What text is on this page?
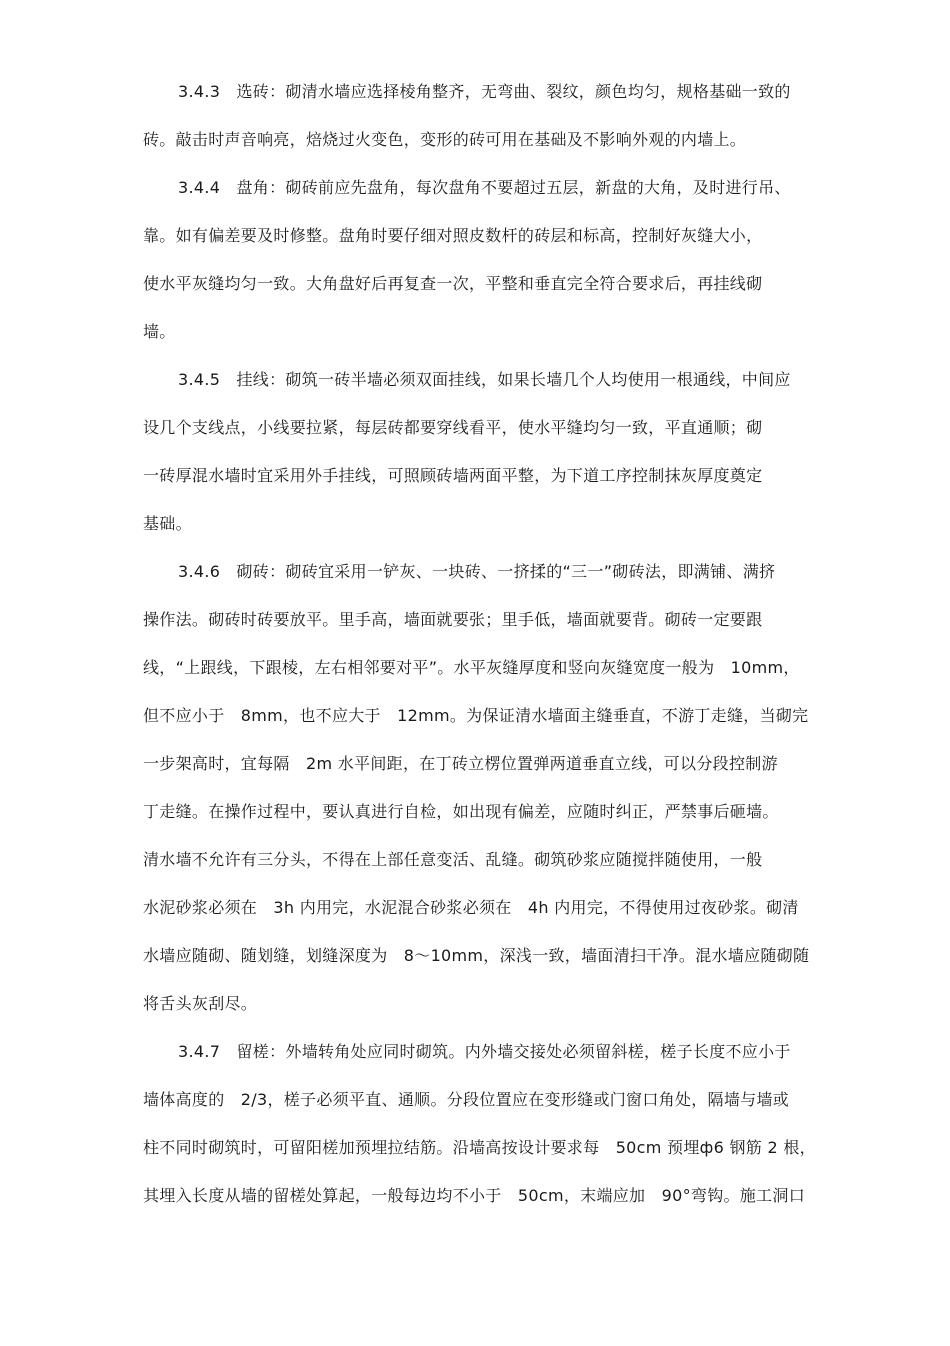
3.4.3　选砖：砌清水墙应选择棱角整齐，无弯曲、裂纹，颜色均匀，规格基础一致的
砖。敲击时声音响亮，焙烧过火变色，变形的砖可用在基础及不影响外观的内墙上。
3.4.4　盘角：砌砖前应先盘角，每次盘角不要超过五层，新盘的大角，及时进行吊、
靠。如有偏差要及时修整。盘角时要仔细对照皮数杆的砖层和标高，控制好灰缝大小，
使水平灰缝均匀一致。大角盘好后再复查一次，平整和垂直完全符合要求后，再挂线砌
墙。
3.4.5　挂线：砌筑一砖半墙必须双面挂线，如果长墙几个人均使用一根通线，中间应
设几个支线点，小线要拉紧，每层砖都要穿线看平，使水平缝均匀一致，平直通顺；砌
一砖厚混水墙时宜采用外手挂线，可照顾砖墙两面平整，为下道工序控制抹灰厚度奠定
基础。
3.4.6　砌砖：砌砖宜采用一铲灰、一块砖、一挤揉的“三一”砌砖法，即满铺、满挤
操作法。砌砖时砖要放平。里手高，墙面就要张；里手低，墙面就要背。砌砖一定要跟
线，“上跟线，下跟棱，左右相邻要对平”。水平灰缝厚度和竖向灰缝宽度一般为　10mm，
但不应小于　8mm，也不应大于　12mm。为保证清水墙面主缝垂直，不游丁走缝，当砌完
一步架高时，宜每隔　2m 水平间距，在丁砖立楞位置弹两道垂直立线，可以分段控制游
丁走缝。在操作过程中，要认真进行自检，如出现有偏差，应随时纠正，严禁事后砸墙。
清水墙不允许有三分头，不得在上部任意变活、乱缝。砌筑砂浆应随搅拌随使用，一般
水泥砂浆必须在　3h 内用完，水泥混合砂浆必须在　4h 内用完，不得使用过夜砂浆。砌清
水墙应随砌、随划缝，划缝深度为　8～10mm，深浅一致，墙面清扫干净。混水墙应随砌随
将舌头灰刮尽。
3.4.7　留槎：外墙转角处应同时砌筑。内外墙交接处必须留斜槎，槎子长度不应小于
墙体高度的　2/3，槎子必须平直、通顺。分段位置应在变形缝或门窗口角处，隔墙与墙或
柱不同时砌筑时，可留阳槎加预埋拉结筋。沿墙高按设计要求每　50cm 预埋ф6 钢筋 2 根，
其埋入长度从墙的留槎处算起，一般每边均不小于　50cm，末端应加　90°弯钩。施工洞口
